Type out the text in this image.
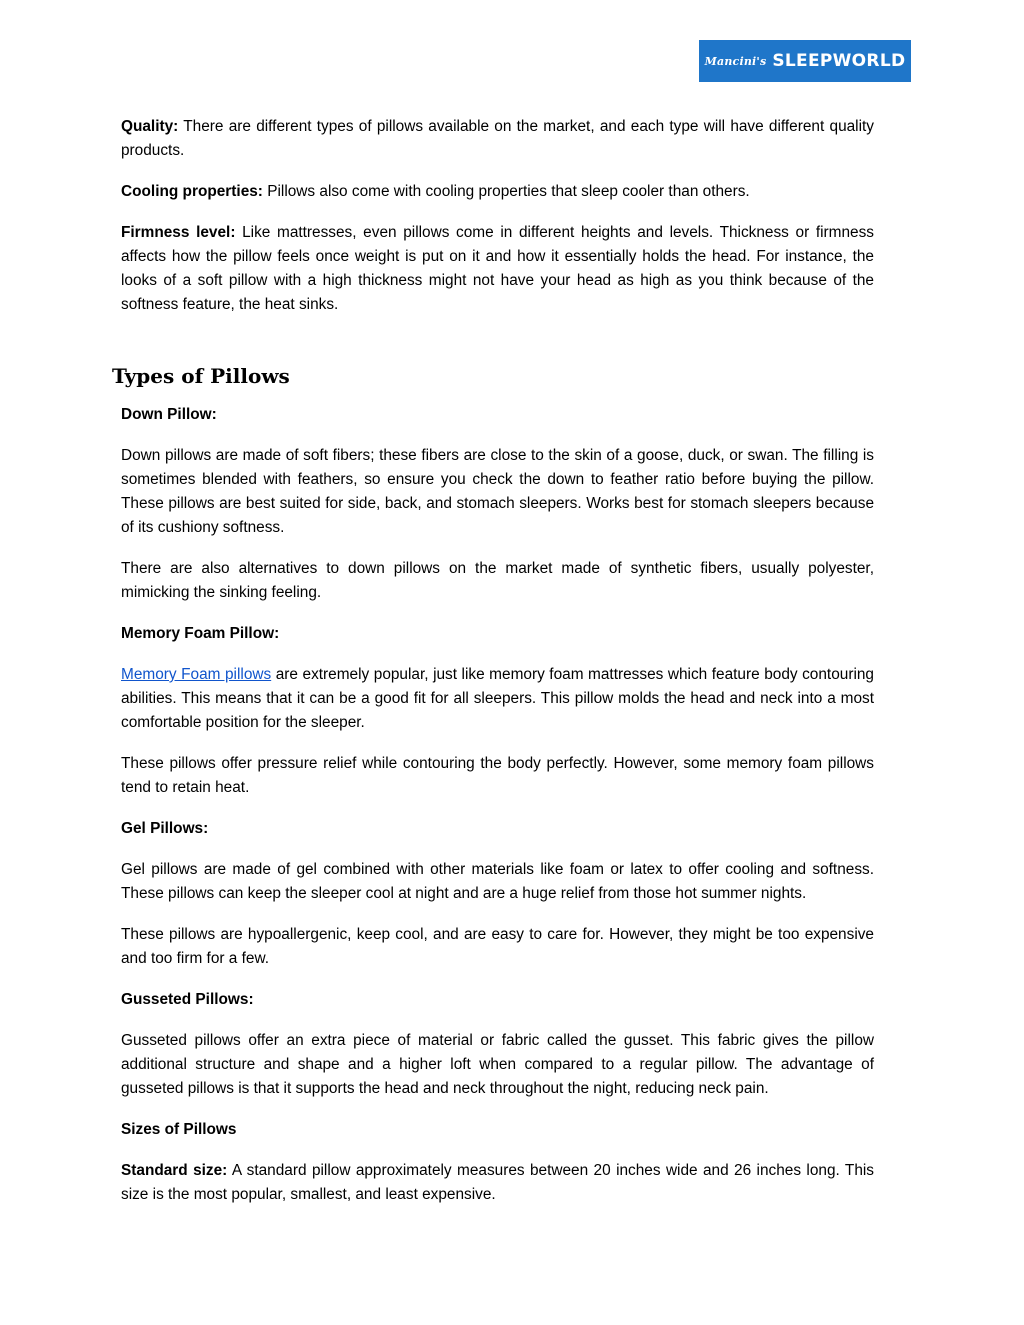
Mancini's SLEEPWORLD

Quality: There are different types of pillows available on the market, and each type will have different quality products.

Cooling properties: Pillows also come with cooling properties that sleep cooler than others.

Firmness level: Like mattresses, even pillows come in different heights and levels. Thickness or firmness affects how the pillow feels once weight is put on it and how it essentially holds the head. For instance, the looks of a soft pillow with a high thickness might not have your head as high as you think because of the softness feature, the heat sinks.

Types of Pillows
Down Pillow:

Down pillows are made of soft fibers; these fibers are close to the skin of a goose, duck, or swan. The filling is sometimes blended with feathers, so ensure you check the down to feather ratio before buying the pillow. These pillows are best suited for side, back, and stomach sleepers. Works best for stomach sleepers because of its cushiony softness.

There are also alternatives to down pillows on the market made of synthetic fibers, usually polyester, mimicking the sinking feeling.

Memory Foam Pillow:

Memory Foam pillows are extremely popular, just like memory foam mattresses which feature body contouring abilities. This means that it can be a good fit for all sleepers. This pillow molds the head and neck into a most comfortable position for the sleeper.

These pillows offer pressure relief while contouring the body perfectly. However, some memory foam pillows tend to retain heat.

Gel Pillows:

Gel pillows are made of gel combined with other materials like foam or latex to offer cooling and softness. These pillows can keep the sleeper cool at night and are a huge relief from those hot summer nights.

These pillows are hypoallergenic, keep cool, and are easy to care for. However, they might be too expensive and too firm for a few.

Gusseted Pillows:

Gusseted pillows offer an extra piece of material or fabric called the gusset. This fabric gives the pillow additional structure and shape and a higher loft when compared to a regular pillow. The advantage of gusseted pillows is that it supports the head and neck throughout the night, reducing neck pain.

Sizes of Pillows

Standard size: A standard pillow approximately measures between 20 inches wide and 26 inches long. This size is the most popular, smallest, and least expensive.
